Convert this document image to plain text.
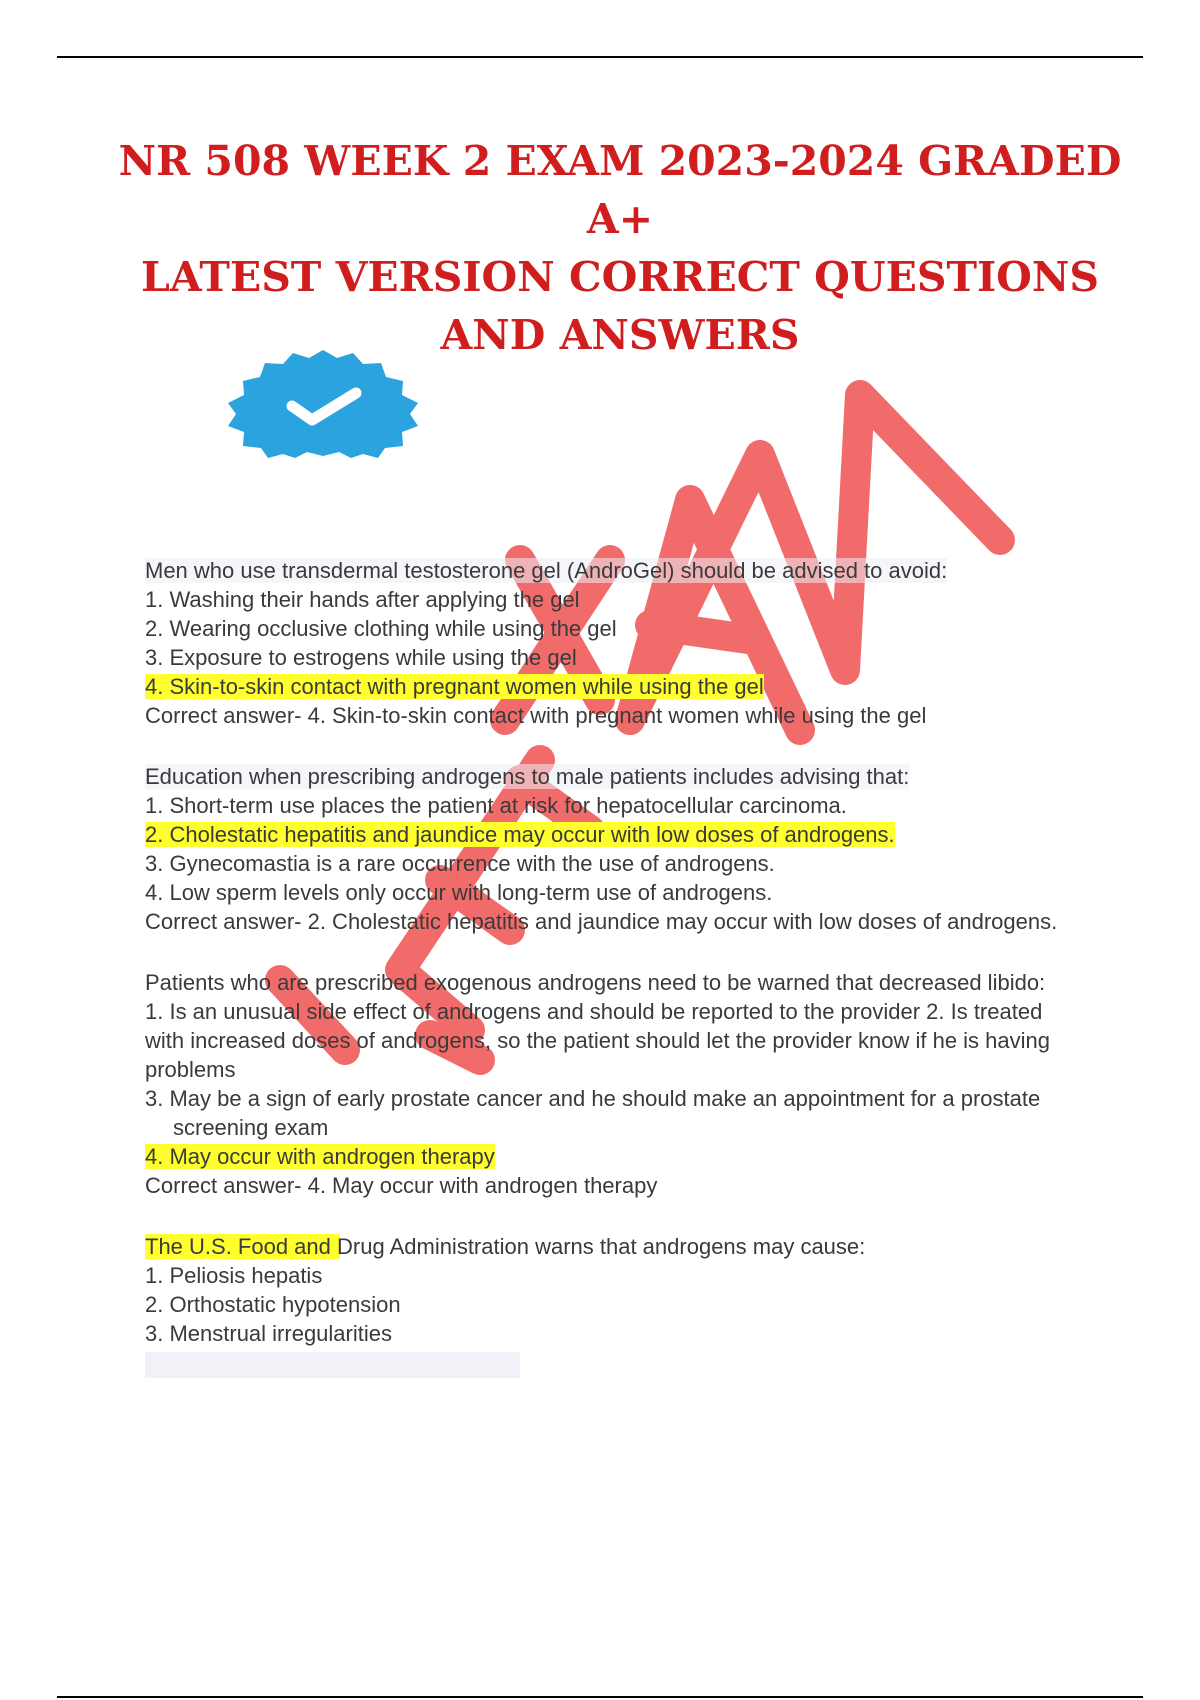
NR 508 WEEK 2 EXAM 2023-2024 GRADED A+
LATEST VERSION CORRECT QUESTIONS
AND ANSWERS
Men who use transdermal testosterone gel (AndroGel) should be advised to avoid:
1. Washing their hands after applying the gel
2. Wearing occlusive clothing while using the gel
3. Exposure to estrogens while using the gel
4. Skin-to-skin contact with pregnant women while using the gel
Correct answer- 4. Skin-to-skin contact with pregnant women while using the gel
Education when prescribing androgens to male patients includes advising that:
1. Short-term use places the patient at risk for hepatocellular carcinoma.
2. Cholestatic hepatitis and jaundice may occur with low doses of androgens.
3. Gynecomastia is a rare occurrence with the use of androgens.
4. Low sperm levels only occur with long-term use of androgens.
Correct answer- 2. Cholestatic hepatitis and jaundice may occur with low doses of androgens.
Patients who are prescribed exogenous androgens need to be warned that decreased libido:
1. Is an unusual side effect of androgens and should be reported to the provider 2. Is treated with increased doses of androgens, so the patient should let the provider know if he is having problems
3. May be a sign of early prostate cancer and he should make an appointment for a prostate screening exam
4. May occur with androgen therapy
Correct answer- 4. May occur with androgen therapy
The U.S. Food and Drug Administration warns that androgens may cause:
1. Peliosis hepatis
2. Orthostatic hypotension
3. Menstrual irregularities
